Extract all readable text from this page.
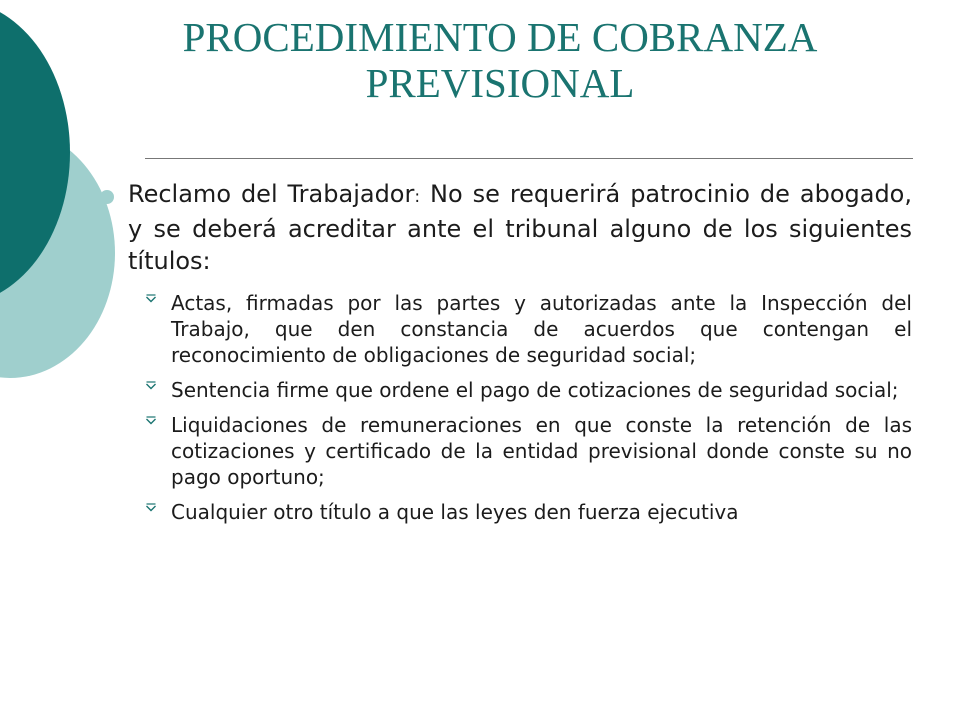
PROCEDIMIENTO DE COBRANZA
PREVISIONAL
Reclamo del Trabajador: No se requerirá patrocinio de abogado, y se deberá acreditar ante el tribunal alguno de los siguientes títulos:
Actas, firmadas por las partes y autorizadas ante la Inspección del Trabajo, que den constancia de acuerdos que contengan el reconocimiento de obligaciones de seguridad social;
Sentencia firme que ordene el pago de cotizaciones de seguridad social;
Liquidaciones de remuneraciones en que conste la retención de las cotizaciones y certificado de la entidad previsional donde conste su no pago oportuno;
Cualquier otro título a que las leyes den fuerza ejecutiva
